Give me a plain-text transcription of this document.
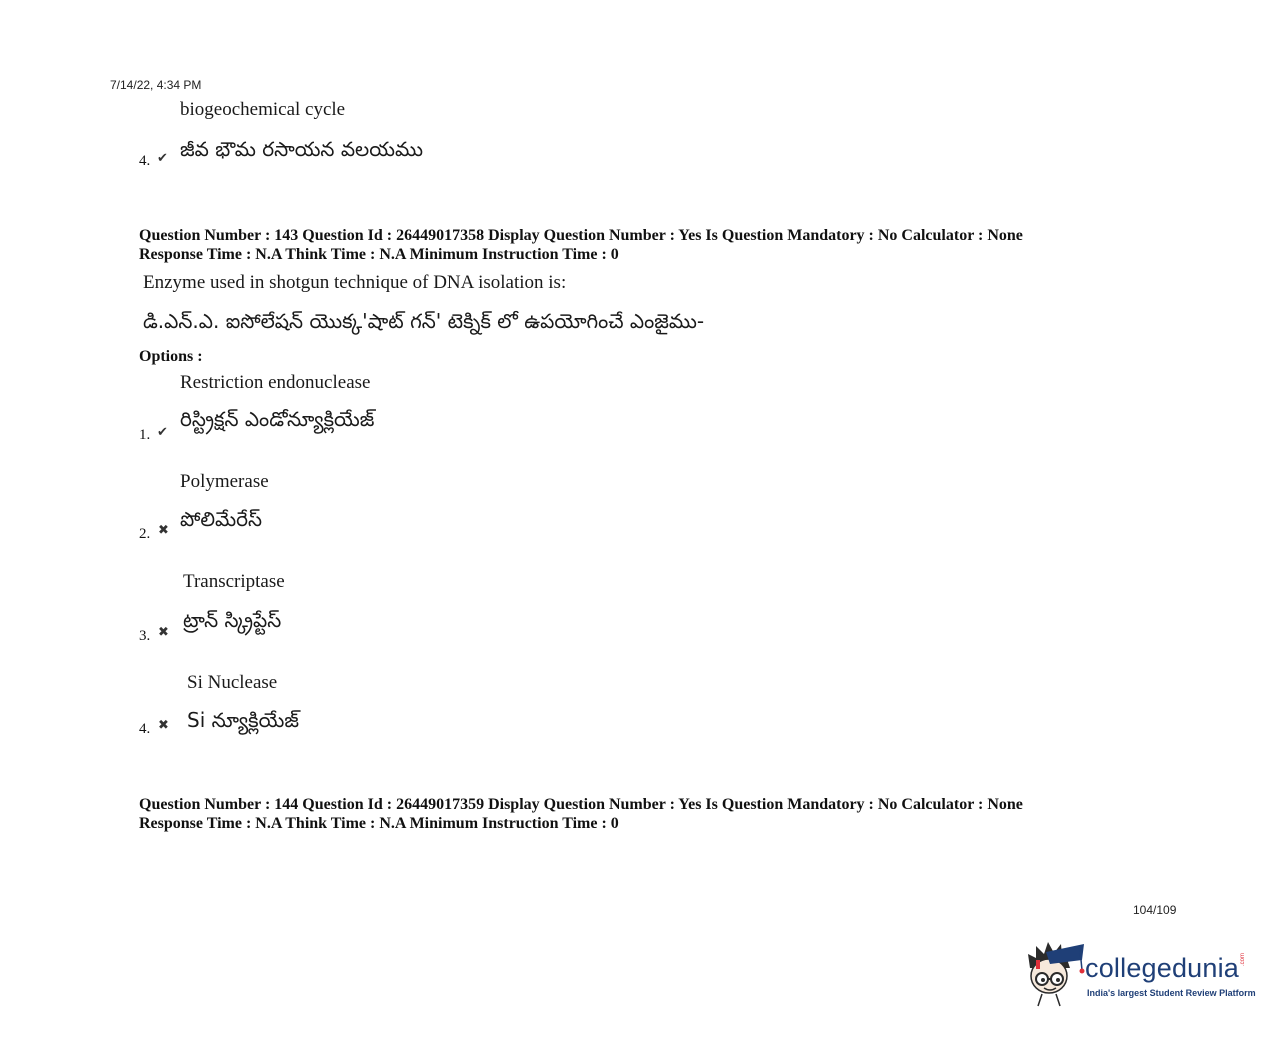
7/14/22, 4:34 PM
biogeochemical cycle
4. ✔ జీవ భౌమ రసాయన వలయము
Question Number : 143 Question Id : 26449017358 Display Question Number : Yes Is Question Mandatory : No Calculator : None
Response Time : N.A Think Time : N.A Minimum Instruction Time : 0
Enzyme used in shotgun technique of DNA isolation is:
డి.ఎన్.ఎ. ఐసోలేషన్ యొక్క'షాట్ గన్' టెక్నిక్ లో ఉపయోగించే ఎంజైము-
Options :
Restriction endonuclease
రిస్ట్రిక్షన్ ఎండోన్యూక్లియేజ్
1. ✔
Polymerase
పోలిమేరేస్
2. ✖
Transcriptase
ట్రాన్ స్క్రిప్టేస్
3. ✖
Si Nuclease
Si న్యూక్లియేజ్
4. ✖
Question Number : 144 Question Id : 26449017359 Display Question Number : Yes Is Question Mandatory : No Calculator : None
Response Time : N.A Think Time : N.A Minimum Instruction Time : 0
104/109
collegedunia .com
India's largest Student Review Platform
